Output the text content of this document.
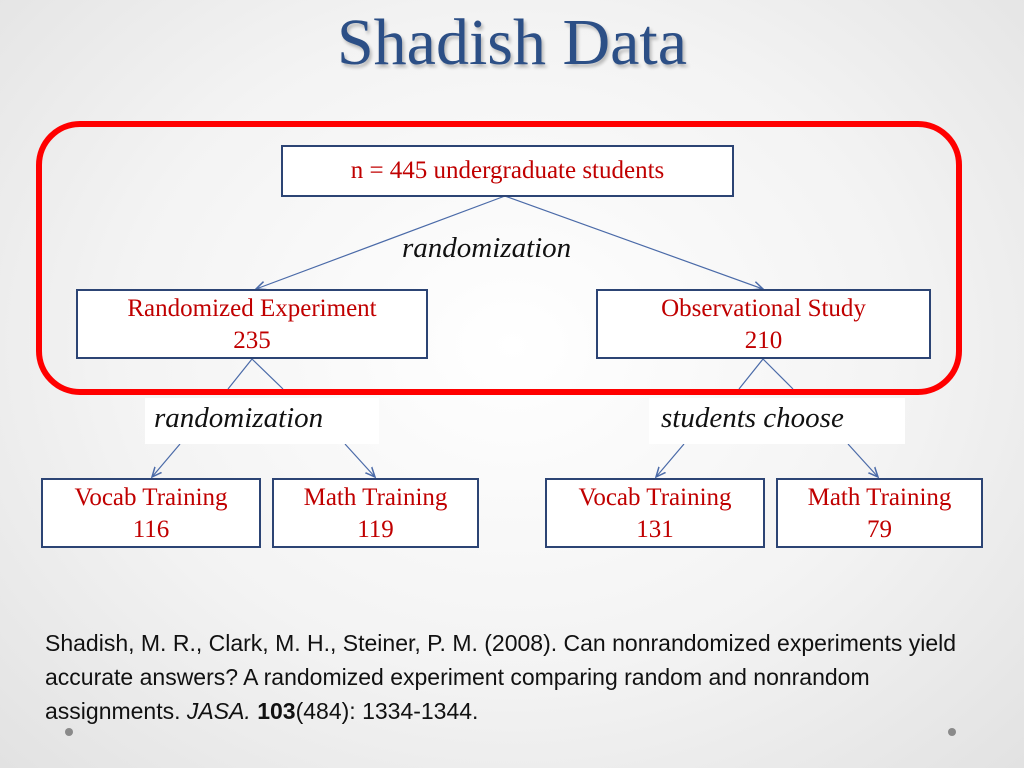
Shadish Data
n = 445 undergraduate students
randomization
Randomized Experiment
235
Observational Study
210
randomization	students choose
Vocab Training
116
Math Training
119
Vocab Training
131
Math Training
79
Shadish, M. R., Clark, M. H., Steiner, P. M. (2008). Can nonrandomized experiments yield accurate answers? A randomized experiment comparing random and nonrandom assignments. JASA. 103(484): 1334-1344.
